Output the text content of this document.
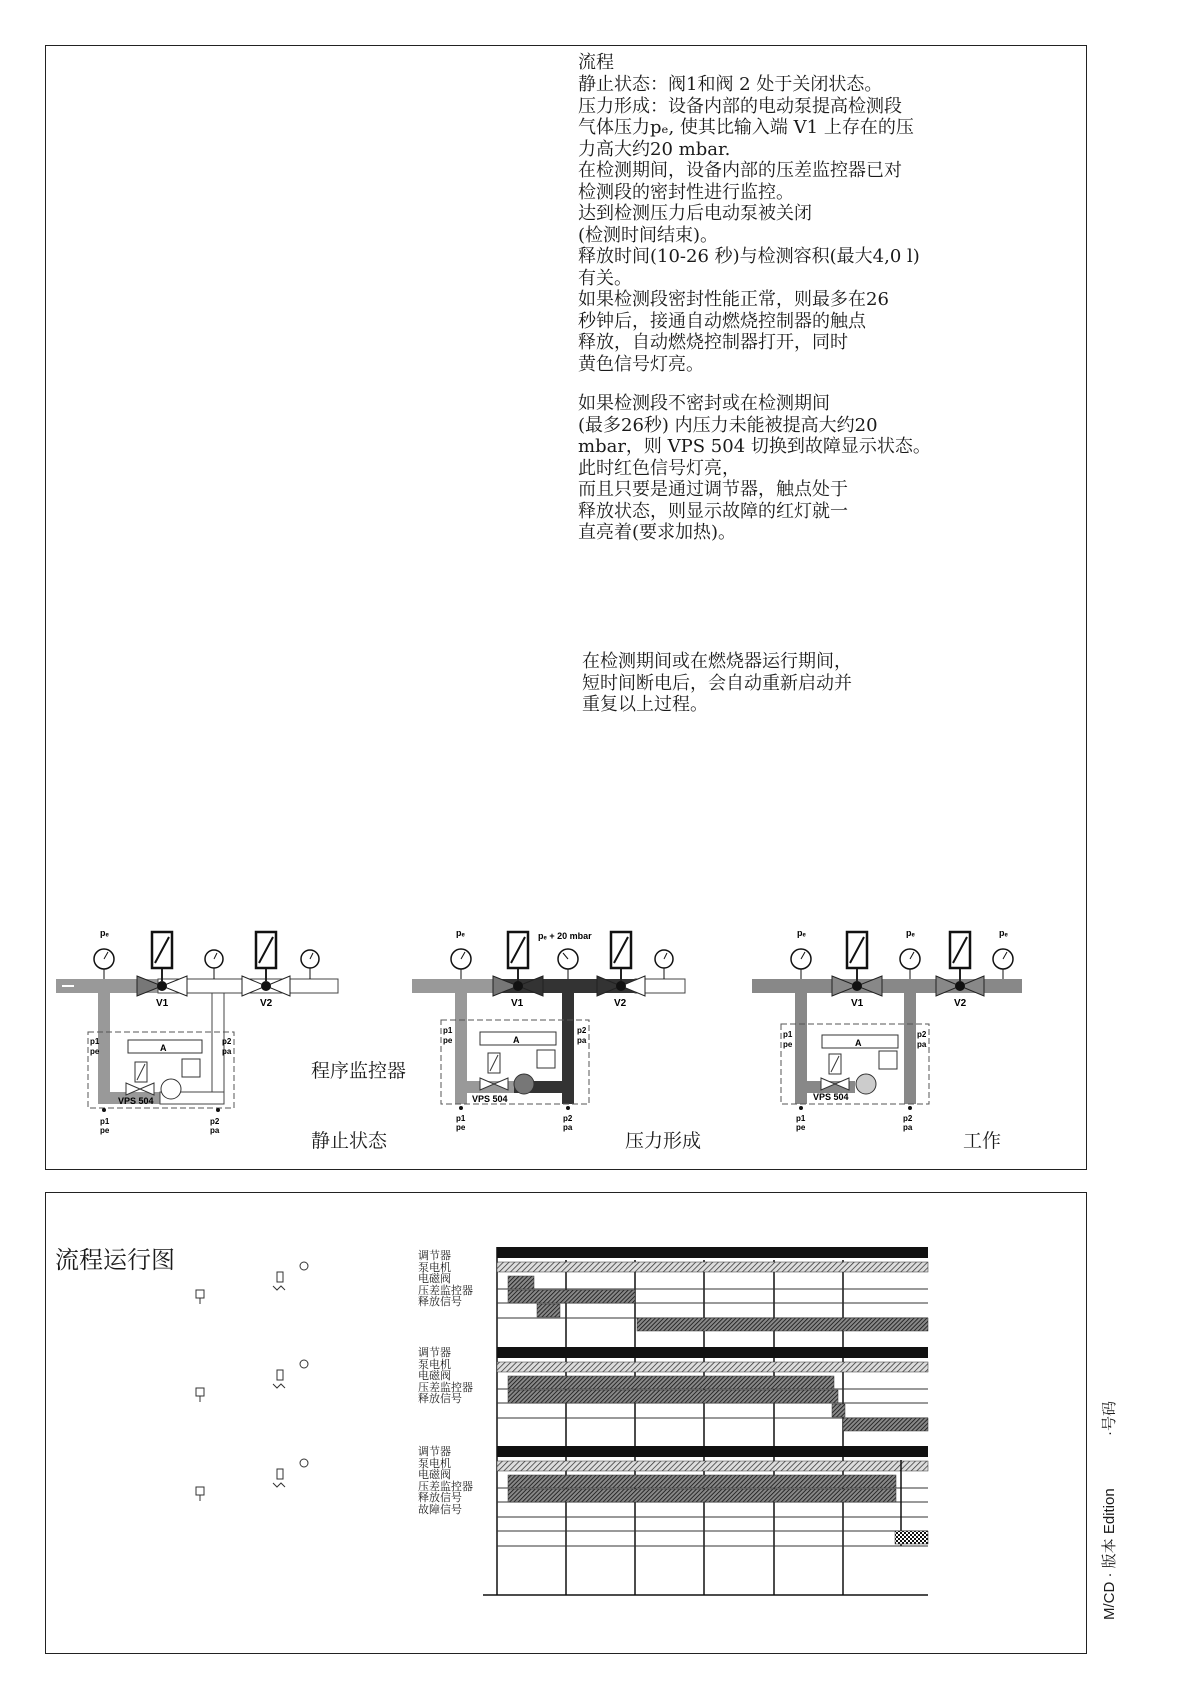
流程
静止状态：阀1和阀 2 处于关闭状态。
压力形成：设备内部的电动泵提高检测段
气体压力pₑ, 使其比输入端 V1 上存在的压
力高大约20 mbar.
在检测期间，设备内部的压差监控器已对
检测段的密封性进行监控。
达到检测压力后电动泵被关闭
(检测时间结束)。
释放时间(10-26 秒)与检测容积(最大4,0 l)
有关。
如果检测段密封性能正常，则最多在26
秒钟后，接通自动燃烧控制器的触点
释放，自动燃烧控制器打开，同时
黄色信号灯亮。
如果检测段不密封或在检测期间
(最多26秒) 内压力未能被提高大约20
mbar，则 VPS 504 切换到故障显示状态。
此时红色信号灯亮，
而且只要是通过调节器，触点处于
释放状态，则显示故障的红灯就一
直亮着(要求加热)。
在检测期间或在燃烧器运行期间，
短时间断电后，会自动重新启动并
重复以上过程。
A
VPS 504
V1	V2
pₑ
p1
pe
p2
pa
p1
pe
p2
pa
A
VPS 504
V1	V2
pₑ	pₑ + 20 mbar
p1
pe
p2
pa
p1
pe
p2
pa
A
VPS 504
V1	V2
pₑ	pₑ	pₑ
p1
pe
p2
pa
p1
pe
p2
pa
程序监控器
静止状态	压力形成	工作
流程运行图	调节器
泵电机
电磁阀
压差监控器
释放信号
调节器
泵电机
电磁阀
压差监控器
释放信号
调节器
泵电机
电磁阀
压差监控器
释放信号
故障信号	M/CD · 版本 Edition
·号码
